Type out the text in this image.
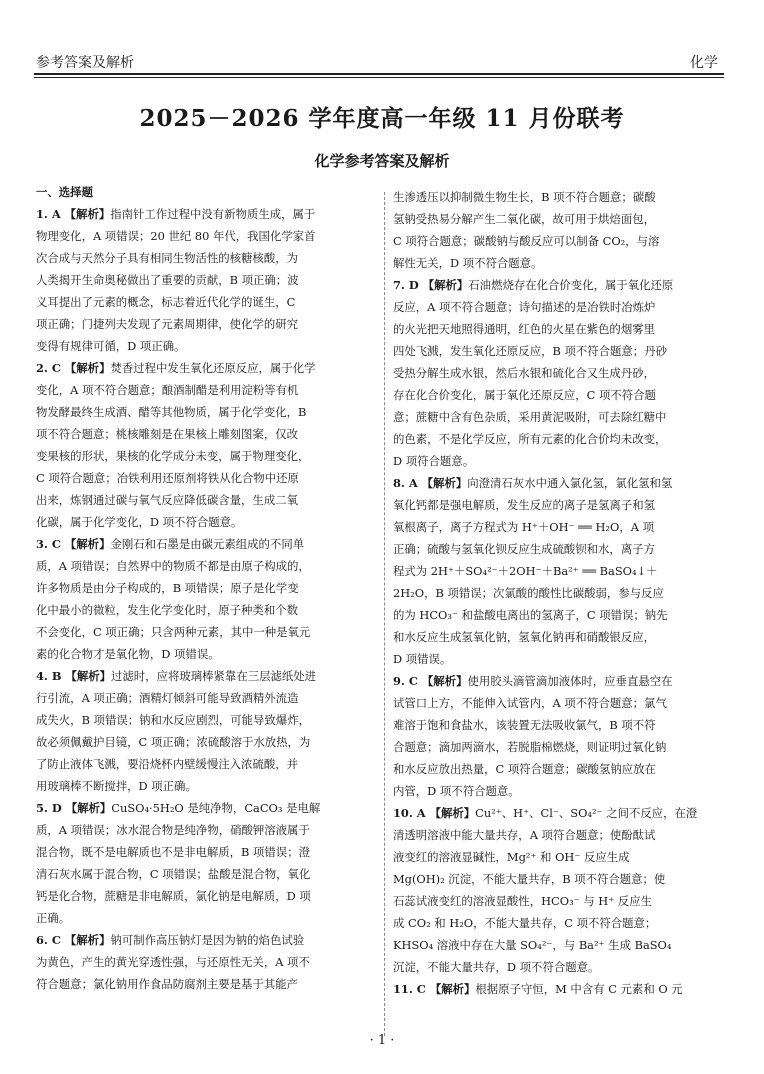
参考答案及解析	化学
2025－2026 学年度高一年级 11 月份联考
化学参考答案及解析
一、选择题
1. A 【解析】指南针工作过程中没有新物质生成，属于
物理变化，A 项错误；20 世纪 80 年代，我国化学家首
次合成与天然分子具有相同生物活性的核糖核酸，为
人类揭开生命奥秘做出了重要的贡献，B 项正确；波
义耳提出了元素的概念，标志着近代化学的诞生，C
项正确；门捷列夫发现了元素周期律，使化学的研究
变得有规律可循，D 项正确。
2. C 【解析】焚香过程中发生氧化还原反应，属于化学
变化，A 项不符合题意；酿酒制醋是利用淀粉等有机
物发酵最终生成酒、醋等其他物质，属于化学变化，B
项不符合题意；桃核雕刻是在果核上雕刻图案，仅改
变果核的形状，果核的化学成分未变，属于物理变化，
C 项符合题意；冶铁利用还原剂将铁从化合物中还原
出来，炼钢通过碳与氧气反应降低碳含量，生成二氧
化碳，属于化学变化，D 项不符合题意。
3. C 【解析】金刚石和石墨是由碳元素组成的不同单
质，A 项错误；自然界中的物质不都是由原子构成的，
许多物质是由分子构成的，B 项错误；原子是化学变
化中最小的微粒，发生化学变化时，原子种类和个数
不会变化，C 项正确；只含两种元素，其中一种是氧元
素的化合物才是氧化物，D 项错误。
4. B 【解析】过滤时，应将玻璃棒紧靠在三层滤纸处进
行引流，A 项正确；酒精灯倾斜可能导致酒精外流造
成失火，B 项错误；钠和水反应剧烈，可能导致爆炸，
故必须佩戴护目镜，C 项正确；浓硫酸溶于水放热，为
了防止液体飞溅，要沿烧杯内壁缓慢注入浓硫酸，并
用玻璃棒不断搅拌，D 项正确。
5. D 【解析】CuSO₄·5H₂O 是纯净物，CaCO₃ 是电解
质，A 项错误；冰水混合物是纯净物，硝酸钾溶液属于
混合物，既不是电解质也不是非电解质，B 项错误；澄
清石灰水属于混合物，C 项错误；盐酸是混合物，氧化
钙是化合物，蔗糖是非电解质，氯化钠是电解质，D 项
正确。
6. C 【解析】钠可制作高压钠灯是因为钠的焰色试验
为黄色，产生的黄光穿透性强，与还原性无关，A 项不
符合题意；氯化钠用作食品防腐剂主要是基于其能产
生渗透压以抑制微生物生长，B 项不符合题意；碳酸
氢钠受热易分解产生二氧化碳，故可用于烘焙面包，
C 项符合题意；碳酸钠与酸反应可以制备 CO₂，与溶
解性无关，D 项不符合题意。
7. D 【解析】石油燃烧存在化合价变化，属于氧化还原
反应，A 项不符合题意；诗句描述的是冶铁时冶炼炉
的火光把天地照得通明，红色的火星在紫色的烟雾里
四处飞溅，发生氧化还原反应，B 项不符合题意；丹砂
受热分解生成水银，然后水银和硫化合又生成丹砂，
存在化合价变化，属于氧化还原反应，C 项不符合题
意；蔗糖中含有色杂质，采用黄泥吸附，可去除红糖中
的色素，不是化学反应，所有元素的化合价均未改变，
D 项符合题意。
8. A 【解析】向澄清石灰水中通入氯化氢，氯化氢和氢
氧化钙都是强电解质，发生反应的离子是氢离子和氢
氧根离子，离子方程式为 H⁺＋OH⁻ ══ H₂O，A 项
正确；硫酸与氢氧化钡反应生成硫酸钡和水，离子方
程式为 2H⁺＋SO₄²⁻＋2OH⁻＋Ba²⁺ ══ BaSO₄↓＋
2H₂O，B 项错误；次氯酸的酸性比碳酸弱，参与反应
的为 HCO₃⁻ 和盐酸电离出的氢离子，C 项错误；钠先
和水反应生成氢氧化钠，氢氧化钠再和硝酸银反应，
D 项错误。
9. C 【解析】使用胶头滴管滴加液体时，应垂直悬空在
试管口上方，不能伸入试管内，A 项不符合题意；氯气
难溶于饱和食盐水，该装置无法吸收氯气，B 项不符
合题意；滴加两滴水，若脱脂棉燃烧，则证明过氧化钠
和水反应放出热量，C 项符合题意；碳酸氢钠应放在
内管，D 项不符合题意。
10. A 【解析】Cu²⁺、H⁺、Cl⁻、SO₄²⁻ 之间不反应，在澄
清透明溶液中能大量共存，A 项符合题意；使酚酞试
液变红的溶液显碱性，Mg²⁺ 和 OH⁻ 反应生成
Mg(OH)₂ 沉淀，不能大量共存，B 项不符合题意；使
石蕊试液变红的溶液显酸性，HCO₃⁻ 与 H⁺ 反应生
成 CO₂ 和 H₂O，不能大量共存，C 项不符合题意；
KHSO₄ 溶液中存在大量 SO₄²⁻，与 Ba²⁺ 生成 BaSO₄
沉淀，不能大量共存，D 项不符合题意。
11. C 【解析】根据原子守恒，M 中含有 C 元素和 O 元
· 1 ·
